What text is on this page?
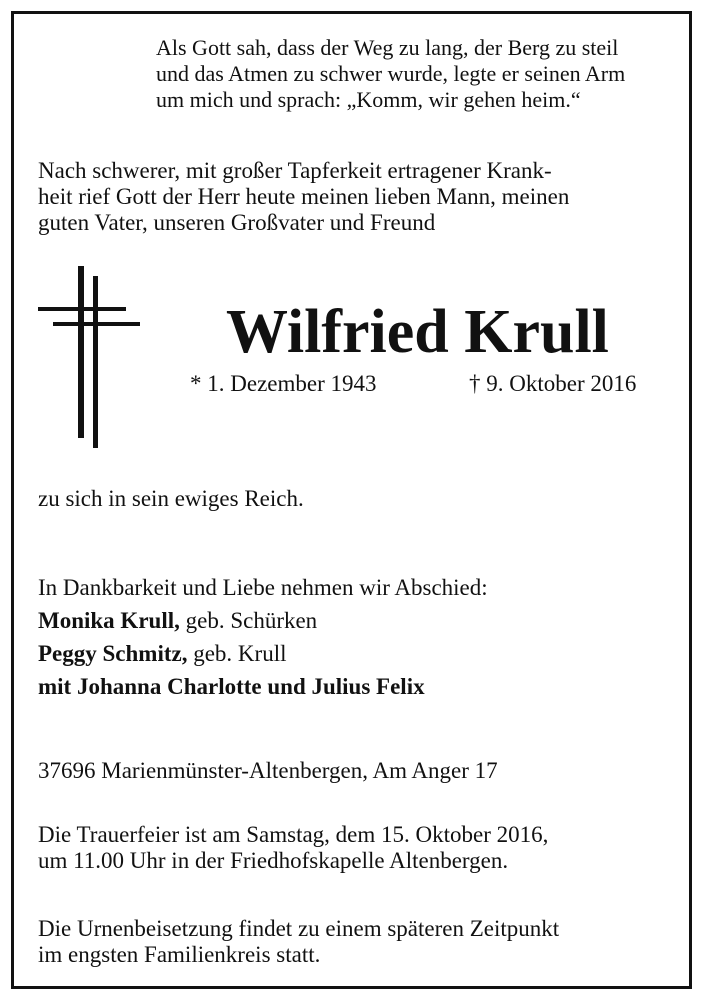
Als Gott sah, dass der Weg zu lang, der Berg zu steil
und das Atmen zu schwer wurde, legte er seinen Arm
um mich und sprach: „Komm, wir gehen heim.“
Nach schwerer, mit großer Tapferkeit ertragener Krank-
heit rief Gott der Herr heute meinen lieben Mann, meinen
guten Vater, unseren Großvater und Freund
Wilfried Krull
* 1. Dezember 1943	† 9. Oktober 2016
zu sich in sein ewiges Reich.
In Dankbarkeit und Liebe nehmen wir Abschied:
Monika Krull, geb. Schürken
Peggy Schmitz, geb. Krull
mit Johanna Charlotte und Julius Felix
37696 Marienmünster-Altenbergen, Am Anger 17
Die Trauerfeier ist am Samstag, dem 15. Oktober 2016,
um 11.00 Uhr in der Friedhofskapelle Altenbergen.
Die Urnenbeisetzung findet zu einem späteren Zeitpunkt
im engsten Familienkreis statt.
